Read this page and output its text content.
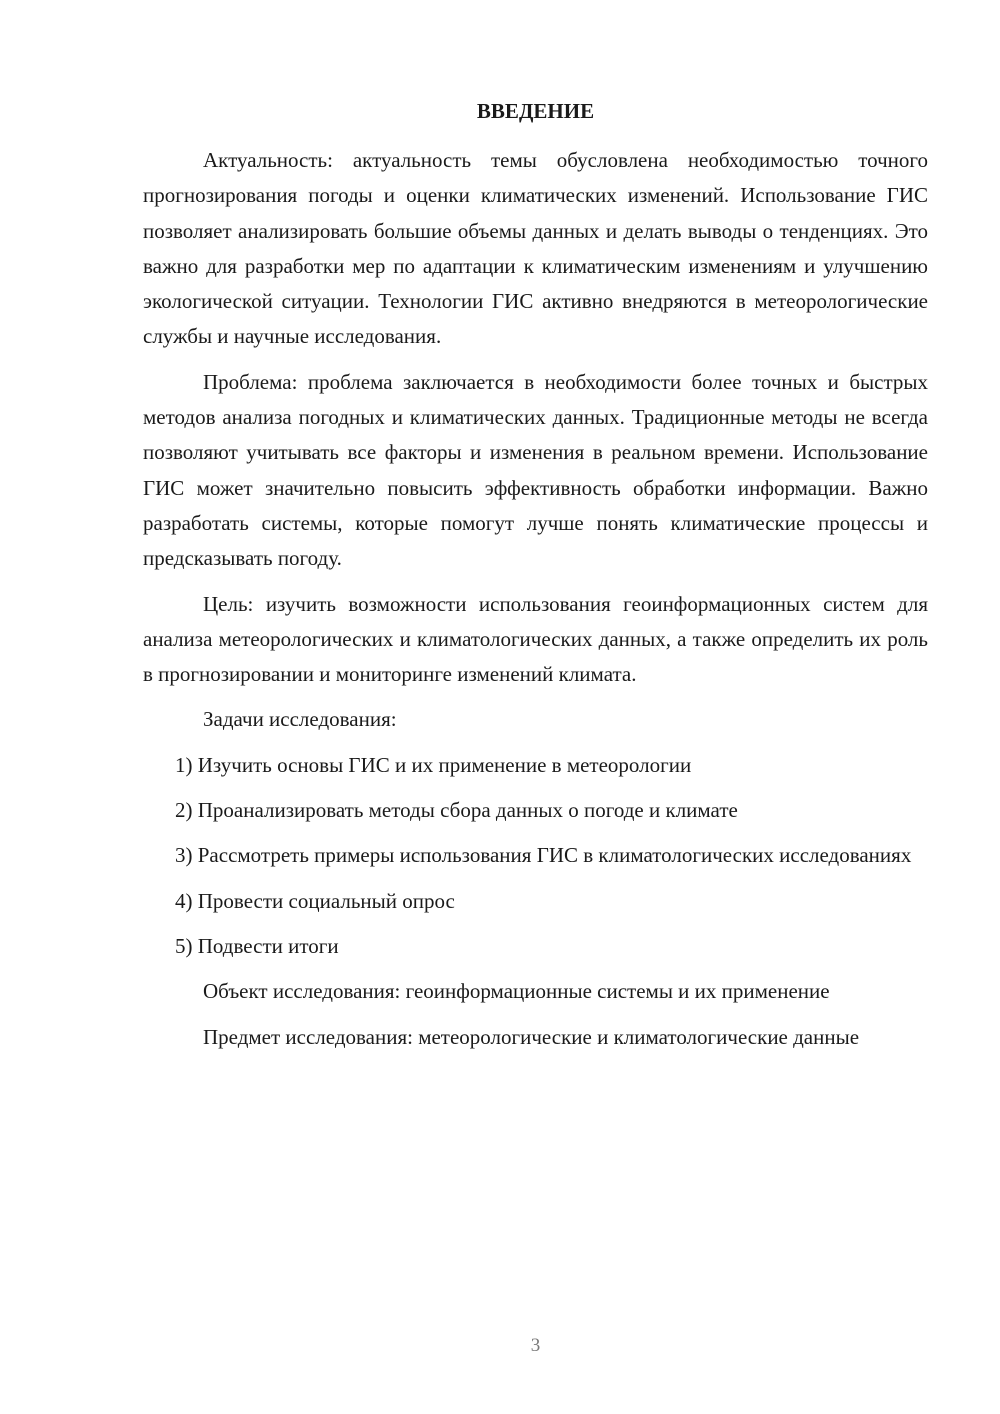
ВВЕДЕНИЕ

Актуальность: актуальность темы обусловлена необходимостью точного прогнозирования погоды и оценки климатических изменений. Использование ГИС позволяет анализировать большие объемы данных и делать выводы о тенденциях. Это важно для разработки мер по адаптации к климатическим изменениям и улучшению экологической ситуации. Технологии ГИС активно внедряются в метеорологические службы и научные исследования.

Проблема: проблема заключается в необходимости более точных и быстрых методов анализа погодных и климатических данных. Традиционные методы не всегда позволяют учитывать все факторы и изменения в реальном времени. Использование ГИС может значительно повысить эффективность обработки информации. Важно разработать системы, которые помогут лучше понять климатические процессы и предсказывать погоду.

Цель: изучить возможности использования геоинформационных систем для анализа метеорологических и климатологических данных, а также определить их роль в прогнозировании и мониторинге изменений климата.

Задачи исследования:

1) Изучить основы ГИС и их применение в метеорологии

2) Проанализировать методы сбора данных о погоде и климате

3) Рассмотреть примеры использования ГИС в климатологических исследованиях

4) Провести социальный опрос

5) Подвести итоги

Объект исследования: геоинформационные системы и их применение

Предмет исследования: метеорологические и климатологические данные

3
